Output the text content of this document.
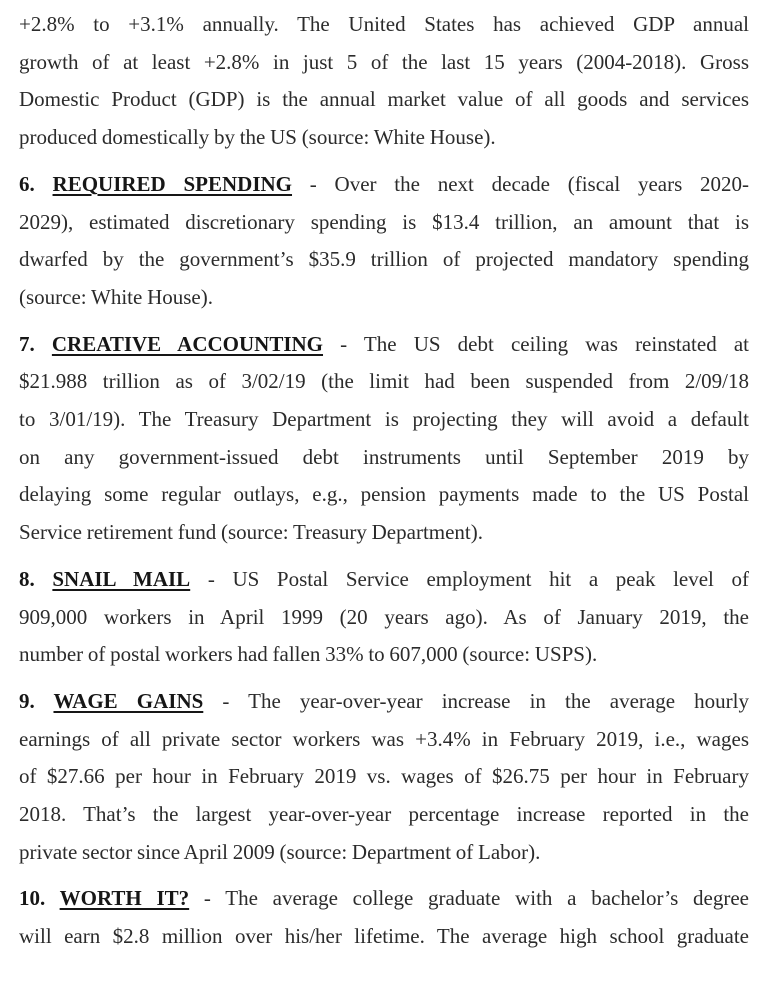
+2.8% to +3.1% annually. The United States has achieved GDP annual
growth of at least +2.8% in just 5 of the last 15 years (2004-2018). Gross
Domestic Product (GDP) is the annual market value of all goods and services
produced domestically by the US (source: White House).
6. REQUIRED SPENDING - Over the next decade (fiscal years 2020-
2029), estimated discretionary spending is $13.4 trillion, an amount that is
dwarfed by the government’s $35.9 trillion of projected mandatory spending
(source: White House).
7. CREATIVE ACCOUNTING - The US debt ceiling was reinstated at
$21.988 trillion as of 3/02/19 (the limit had been suspended from 2/09/18
to 3/01/19). The Treasury Department is projecting they will avoid a default
on any government-issued debt instruments until September 2019 by
delaying some regular outlays, e.g., pension payments made to the US Postal
Service retirement fund (source: Treasury Department).
8. SNAIL MAIL - US Postal Service employment hit a peak level of
909,000 workers in April 1999 (20 years ago). As of January 2019, the
number of postal workers had fallen 33% to 607,000 (source: USPS).
9. WAGE GAINS - The year-over-year increase in the average hourly
earnings of all private sector workers was +3.4% in February 2019, i.e., wages
of $27.66 per hour in February 2019 vs. wages of $26.75 per hour in February
2018. That’s the largest year-over-year percentage increase reported in the
private sector since April 2009 (source: Department of Labor).
10. WORTH IT? - The average college graduate with a bachelor’s degree
will earn $2.8 million over his/her lifetime. The average high school graduate
